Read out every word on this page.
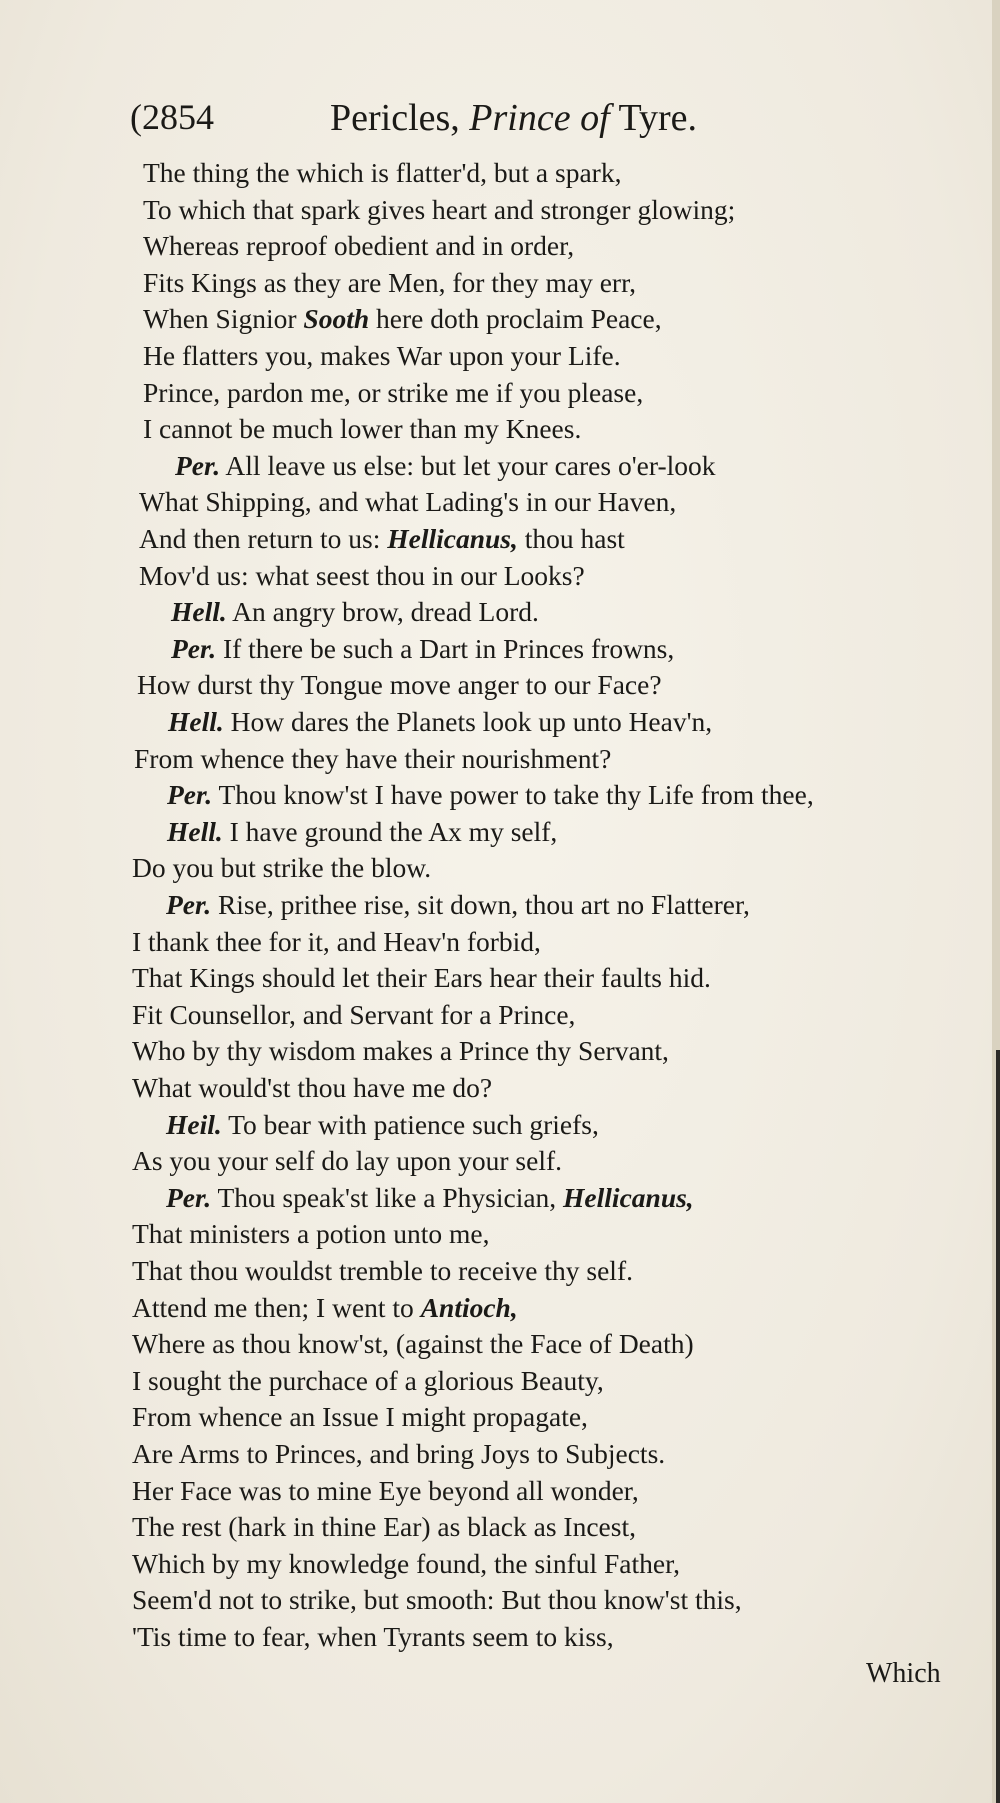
(2854	Pericles, Prince of Tyre.
The thing the which is flatter'd, but a spark,
To which that spark gives heart and stronger glowing;
Whereas reproof obedient and in order,
Fits Kings as they are Men, for they may err,
When Signior Sooth here doth proclaim Peace,
He flatters you, makes War upon your Life.
Prince, pardon me, or strike me if you please,
I cannot be much lower than my Knees.
Per. All leave us else: but let your cares o'er-look
What Shipping, and what Lading's in our Haven,
And then return to us: Hellicanus, thou hast
Mov'd us: what seest thou in our Looks?
Hell. An angry brow, dread Lord.
Per. If there be such a Dart in Princes frowns,
How durst thy Tongue move anger to our Face?
Hell. How dares the Planets look up unto Heav'n,
From whence they have their nourishment?
Per. Thou know'st I have power to take thy Life from thee,
Hell. I have ground the Ax my self,
Do you but strike the blow.
Per. Rise, prithee rise, sit down, thou art no Flatterer,
I thank thee for it, and Heav'n forbid,
That Kings should let their Ears hear their faults hid.
Fit Counsellor, and Servant for a Prince,
Who by thy wisdom makes a Prince thy Servant,
What would'st thou have me do?
Heil. To bear with patience such griefs,
As you your self do lay upon your self.
Per. Thou speak'st like a Physician, Hellicanus,
That ministers a potion unto me,
That thou wouldst tremble to receive thy self.
Attend me then; I went to Antioch,
Where as thou know'st, (against the Face of Death)
I sought the purchace of a glorious Beauty,
From whence an Issue I might propagate,
Are Arms to Princes, and bring Joys to Subjects.
Her Face was to mine Eye beyond all wonder,
The rest (hark in thine Ear) as black as Incest,
Which by my knowledge found, the sinful Father,
Seem'd not to strike, but smooth: But thou know'st this,
'Tis time to fear, when Tyrants seem to kiss,
Which
